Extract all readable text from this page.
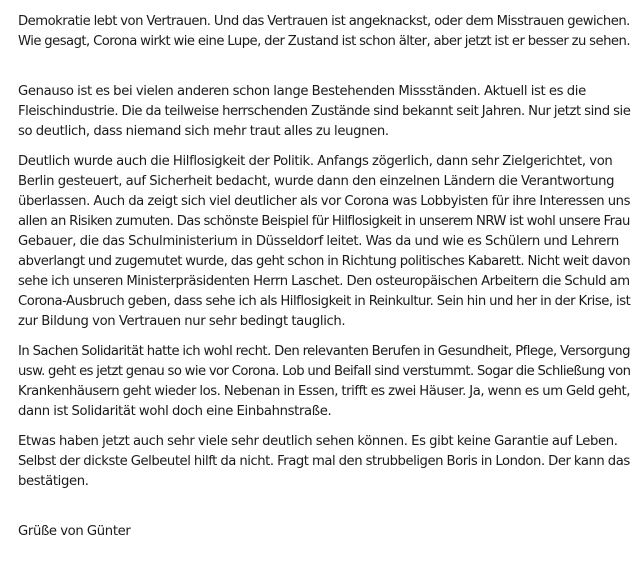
Demokratie lebt von Vertrauen. Und das Vertrauen ist angeknackst, oder dem Misstrauen gewichen.
Wie gesagt, Corona wirkt wie eine Lupe, der Zustand ist schon älter, aber jetzt ist er besser zu sehen.
Genauso ist es bei vielen anderen schon lange Bestehenden Missständen. Aktuell ist es die
Fleischindustrie. Die da teilweise herrschenden Zustände sind bekannt seit Jahren. Nur jetzt sind sie
so deutlich, dass niemand sich mehr traut alles zu leugnen.
Deutlich wurde auch die Hilflosigkeit der Politik. Anfangs zögerlich, dann sehr Zielgerichtet, von
Berlin gesteuert, auf Sicherheit bedacht, wurde dann den einzelnen Ländern die Verantwortung
überlassen. Auch da zeigt sich viel deutlicher als vor Corona was Lobbyisten für ihre Interessen uns
allen an Risiken zumuten. Das schönste Beispiel für Hilflosigkeit in unserem NRW ist wohl unsere Frau
Gebauer, die das Schulministerium in Düsseldorf leitet. Was da und wie es Schülern und Lehrern
abverlangt und zugemutet wurde, das geht schon in Richtung politisches Kabarett. Nicht weit davon
sehe ich unseren Ministerpräsidenten Herrn Laschet. Den osteuropäischen Arbeitern die Schuld am
Corona-Ausbruch geben, dass sehe ich als Hilflosigkeit in Reinkultur. Sein hin und her in der Krise, ist
zur Bildung von Vertrauen nur sehr bedingt tauglich.
In Sachen Solidarität hatte ich wohl recht. Den relevanten Berufen in Gesundheit, Pflege, Versorgung
usw. geht es jetzt genau so wie vor Corona. Lob und Beifall sind verstummt. Sogar die Schließung von
Krankenhäusern geht wieder los. Nebenan in Essen, trifft es zwei Häuser. Ja, wenn es um Geld geht,
dann ist Solidarität wohl doch eine Einbahnstraße.
Etwas haben jetzt auch sehr viele sehr deutlich sehen können. Es gibt keine Garantie auf Leben.
Selbst der dickste Gelbeutel hilft da nicht. Fragt mal den strubbeligen Boris in London. Der kann das
bestätigen.
Grüße von Günter
